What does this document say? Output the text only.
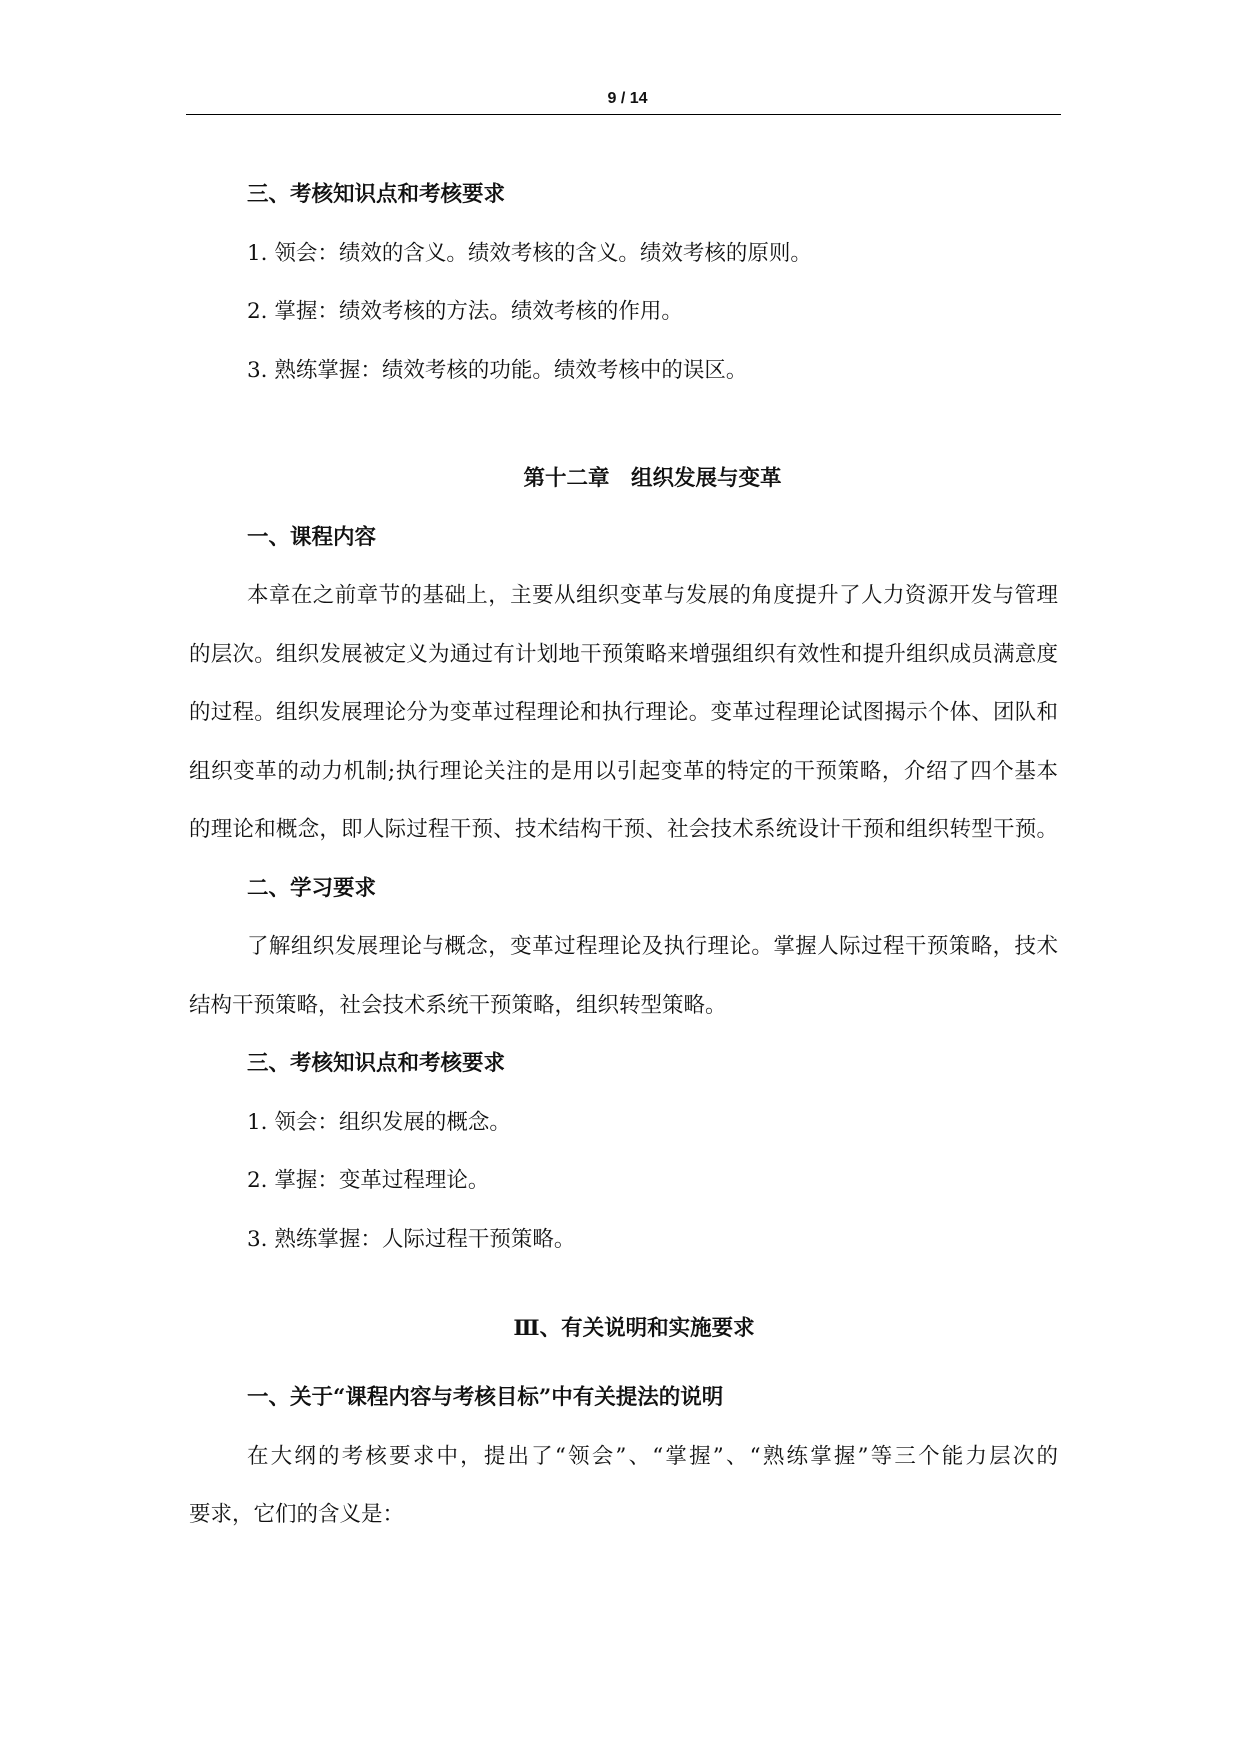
9 / 14
三、考核知识点和考核要求
1. 领会：绩效的含义。绩效考核的含义。绩效考核的原则。
2. 掌握：绩效考核的方法。绩效考核的作用。
3. 熟练掌握：绩效考核的功能。绩效考核中的误区。
第十二章　组织发展与变革
一、课程内容
本章在之前章节的基础上，主要从组织变革与发展的角度提升了人力资源开发与管理
的层次。组织发展被定义为通过有计划地干预策略来增强组织有效性和提升组织成员满意度
的过程。组织发展理论分为变革过程理论和执行理论。变革过程理论试图揭示个体、团队和
组织变革的动力机制;执行理论关注的是用以引起变革的特定的干预策略，介绍了四个基本
的理论和概念，即人际过程干预、技术结构干预、社会技术系统设计干预和组织转型干预。
二、学习要求
了解组织发展理论与概念，变革过程理论及执行理论。掌握人际过程干预策略，技术
结构干预策略，社会技术系统干预策略，组织转型策略。
三、考核知识点和考核要求
1. 领会：组织发展的概念。
2. 掌握：变革过程理论。
3. 熟练掌握：人际过程干预策略。
Ⅲ、有关说明和实施要求
一、关于“课程内容与考核目标”中有关提法的说明
在大纲的考核要求中，提出了“领会”、“掌握”、“熟练掌握”等三个能力层次的
要求，它们的含义是：
